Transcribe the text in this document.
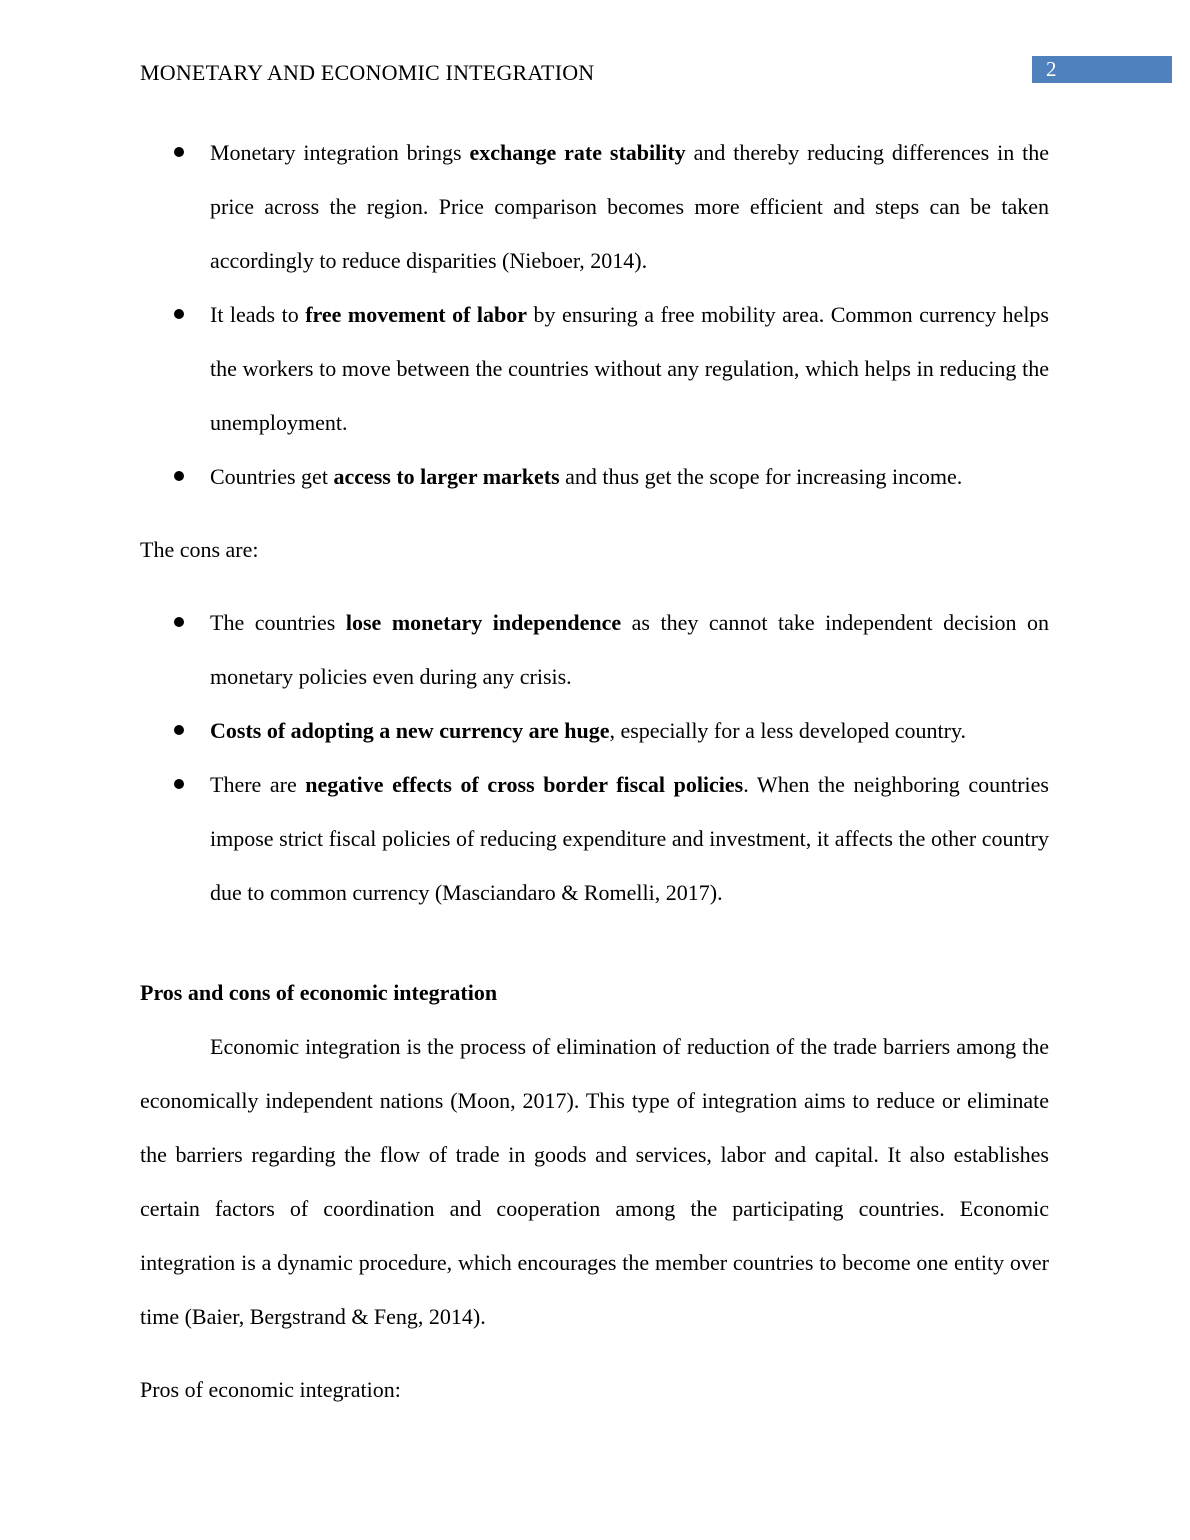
MONETARY AND ECONOMIC INTEGRATION	2
Monetary integration brings exchange rate stability and thereby reducing differences in the price across the region. Price comparison becomes more efficient and steps can be taken accordingly to reduce disparities (Nieboer, 2014).
It leads to free movement of labor by ensuring a free mobility area. Common currency helps the workers to move between the countries without any regulation, which helps in reducing the unemployment.
Countries get access to larger markets and thus get the scope for increasing income.

The cons are:

The countries lose monetary independence as they cannot take independent decision on monetary policies even during any crisis.
Costs of adopting a new currency are huge, especially for a less developed country.
There are negative effects of cross border fiscal policies. When the neighboring countries impose strict fiscal policies of reducing expenditure and investment, it affects the other country due to common currency (Masciandaro & Romelli, 2017).

Pros and cons of economic integration

Economic integration is the process of elimination of reduction of the trade barriers among the economically independent nations (Moon, 2017). This type of integration aims to reduce or eliminate the barriers regarding the flow of trade in goods and services, labor and capital. It also establishes certain factors of coordination and cooperation among the participating countries. Economic integration is a dynamic procedure, which encourages the member countries to become one entity over time (Baier, Bergstrand & Feng, 2014).

Pros of economic integration:
